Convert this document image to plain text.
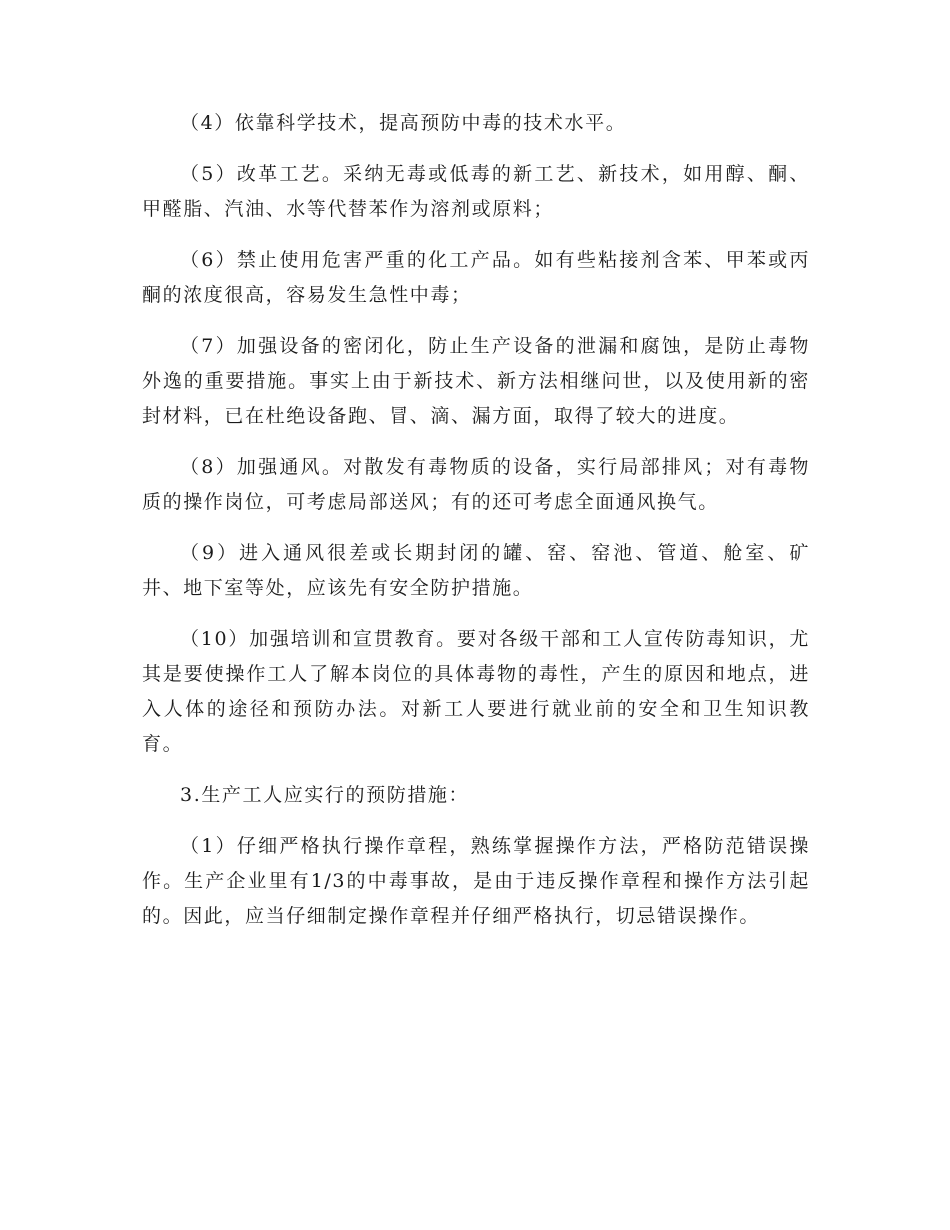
（4）依靠科学技术，提高预防中毒的技术水平。

（5）改革工艺。采纳无毒或低毒的新工艺、新技术，如用醇、酮、甲醛脂、汽油、水等代替苯作为溶剂或原料；

（6）禁止使用危害严重的化工产品。如有些粘接剂含苯、甲苯或丙酮的浓度很高，容易发生急性中毒；

（7）加强设备的密闭化，防止生产设备的泄漏和腐蚀，是防止毒物外逸的重要措施。事实上由于新技术、新方法相继问世，以及使用新的密封材料，已在杜绝设备跑、冒、滴、漏方面，取得了较大的进度。

（8）加强通风。对散发有毒物质的设备，实行局部排风；对有毒物质的操作岗位，可考虑局部送风；有的还可考虑全面通风换气。

（9）进入通风很差或长期封闭的罐、窑、窑池、管道、舱室、矿井、地下室等处，应该先有安全防护措施。

（10）加强培训和宣贯教育。要对各级干部和工人宣传防毒知识，尤其是要使操作工人了解本岗位的具体毒物的毒性，产生的原因和地点，进入人体的途径和预防办法。对新工人要进行就业前的安全和卫生知识教育。

3.生产工人应实行的预防措施：

（1）仔细严格执行操作章程，熟练掌握操作方法，严格防范错误操作。生产企业里有1/3的中毒事故，是由于违反操作章程和操作方法引起的。因此，应当仔细制定操作章程并仔细严格执行，切忌错误操作。
